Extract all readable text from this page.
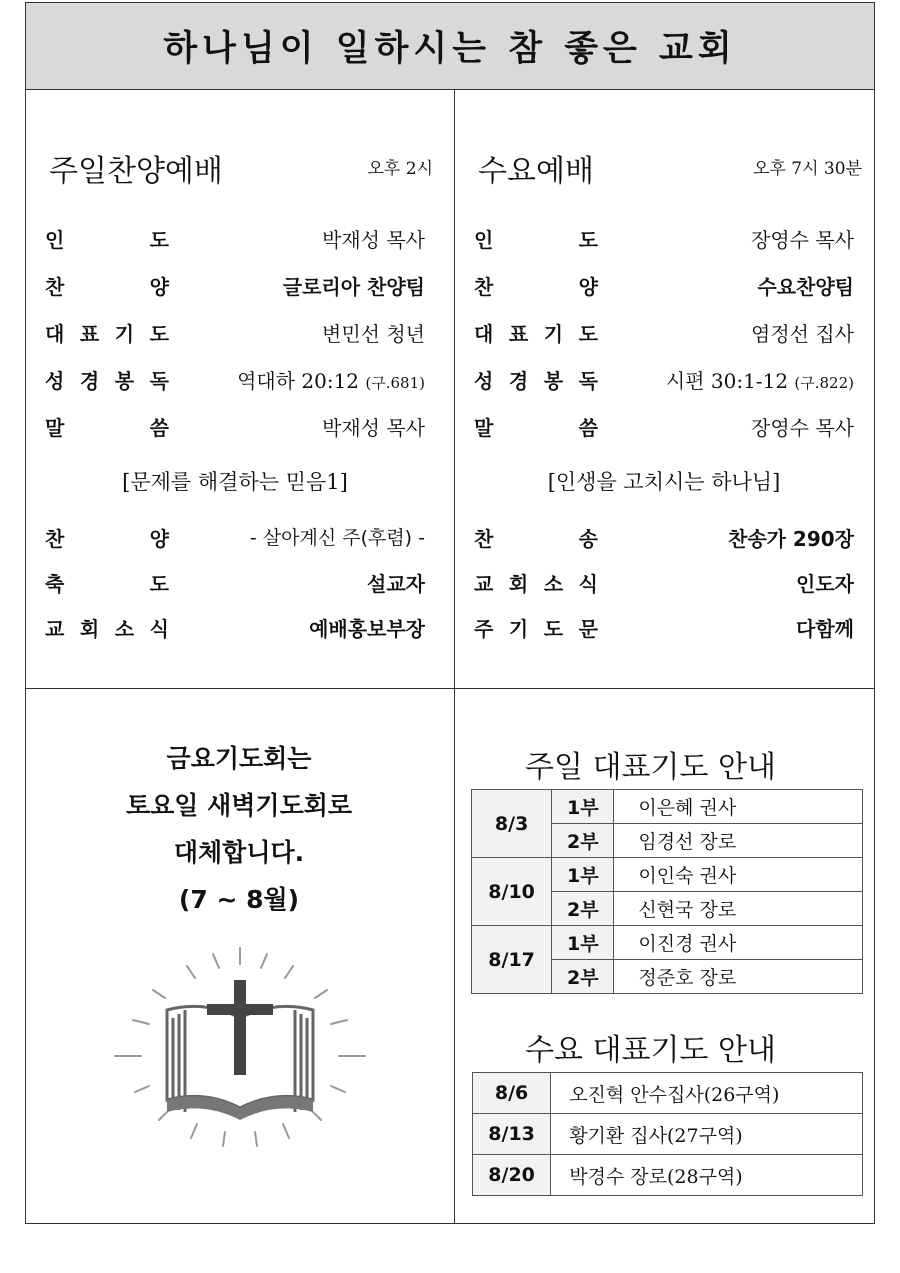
하나님이 일하시는 참 좋은 교회
주일찬양예배	오후 2시
인	도	박재성 목사
찬	양	글로리아 찬양팀
대 표 기 도	변민선 청년
성 경 봉 독	역대하 20:12 (구.681)
말	씀	박재성 목사
[문제를 해결하는 믿음1]
찬	양	- 살아계신 주(후렴) -
축	도	설교자
교 회 소 식	예배홍보부장
수요예배	오후 7시 30분
인	도	장영수 목사
찬	양	수요찬양팀
대 표 기 도	염정선 집사
성 경 봉 독	시편 30:1-12 (구.822)
말	씀	장영수 목사
[인생을 고치시는 하나님]
찬	송	찬송가 290장
교 회 소 식	인도자
주 기 도 문	다함께
금요기도회는
토요일 새벽기도회로
대체합니다.
(7 ~ 8월)
주일 대표기도 안내
8/3	1부	이은혜 권사
	2부	임경선 장로
8/10	1부	이인숙 권사
	2부	신현국 장로
8/17	1부	이진경 권사
	2부	정준호 장로
수요 대표기도 안내
8/6	오진혁 안수집사(26구역)
8/13	황기환 집사(27구역)
8/20	박경수 장로(28구역)
